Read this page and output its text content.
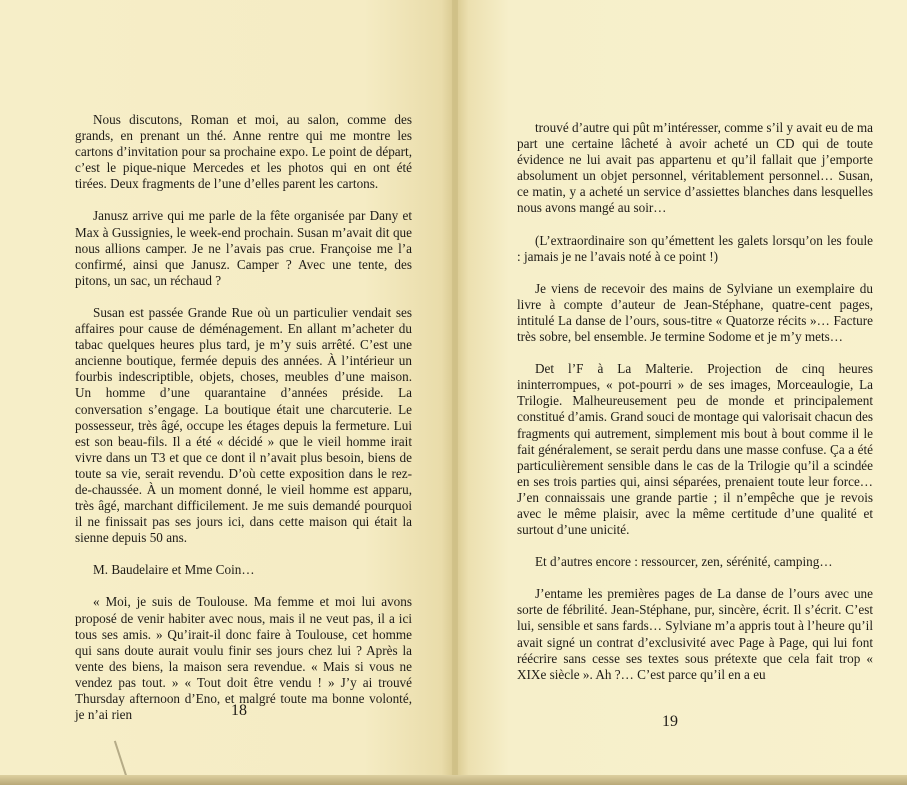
Nous discutons, Roman et moi, au salon, comme des grands, en prenant un thé. Anne rentre qui me montre les cartons d’invitation pour sa prochaine expo. Le point de départ, c’est le pique-nique Mercedes et les photos qui en ont été tirées. Deux fragments de l’une d’elles parent les cartons.

Janusz arrive qui me parle de la fête organisée par Dany et Max à Gussignies, le week-end prochain. Susan m’avait dit que nous allions camper. Je ne l’avais pas crue. Françoise me l’a confirmé, ainsi que Janusz. Camper ? Avec une tente, des pitons, un sac, un réchaud ?

Susan est passée Grande Rue où un particulier vendait ses affaires pour cause de déménagement. En allant m’acheter du tabac quelques heures plus tard, je m’y suis arrêté. C’est une ancienne boutique, fermée depuis des années. À l’intérieur un fourbis indescriptible, objets, choses, meubles d’une maison. Un homme d’une quarantaine d’années préside. La conversation s’engage. La boutique était une charcuterie. Le possesseur, très âgé, occupe les étages depuis la fermeture. Lui est son beau-fils. Il a été « décidé » que le vieil homme irait vivre dans un T3 et que ce dont il n’avait plus besoin, biens de toute sa vie, serait revendu. D’où cette exposition dans le rez-de-chaussée. À un moment donné, le vieil homme est apparu, très âgé, marchant difficilement. Je me suis demandé pourquoi il ne finissait pas ses jours ici, dans cette maison qui était la sienne depuis 50 ans.

M. Baudelaire et Mme Coin…

« Moi, je suis de Toulouse. Ma femme et moi lui avons proposé de venir habiter avec nous, mais il ne veut pas, il a ici tous ses amis. » Qu’irait-il donc faire à Toulouse, cet homme qui sans doute aurait voulu finir ses jours chez lui ? Après la vente des biens, la maison sera revendue. « Mais si vous ne vendez pas tout. » « Tout doit être vendu ! » J’y ai trouvé Thursday afternoon d’Eno, et malgré toute ma bonne volonté, je n’ai rien	18

trouvé d’autre qui pût m’intéresser, comme s’il y avait eu de ma part une certaine lâcheté à avoir acheté un CD qui de toute évidence ne lui avait pas appartenu et qu’il fallait que j’emporte absolument un objet personnel, véritablement personnel… Susan, ce matin, y a acheté un service d’assiettes blanches dans lesquelles nous avons mangé au soir…

(L’extraordinaire son qu’émettent les galets lorsqu’on les foule : jamais je ne l’avais noté à ce point !)

Je viens de recevoir des mains de Sylviane un exemplaire du livre à compte d’auteur de Jean-Stéphane, quatre-cent pages, intitulé La danse de l’ours, sous-titre « Quatorze récits »… Facture très sobre, bel ensemble. Je termine Sodome et je m’y mets…

Det l’F à La Malterie. Projection de cinq heures ininterrompues, « pot-pourri » de ses images, Morceaulogie, La Trilogie. Malheureusement peu de monde et principalement constitué d’amis. Grand souci de montage qui valorisait chacun des fragments qui autrement, simplement mis bout à bout comme il le fait généralement, se serait perdu dans une masse confuse. Ça a été particulièrement sensible dans le cas de la Trilogie qu’il a scindée en ses trois parties qui, ainsi séparées, prenaient toute leur force… J’en connaissais une grande partie ; il n’empêche que je revois avec le même plaisir, avec la même certitude d’une qualité et surtout d’une unicité.

Et d’autres encore : ressourcer, zen, sérénité, camping…

J’entame les premières pages de La danse de l’ours avec une sorte de fébrilité. Jean-Stéphane, pur, sincère, écrit. Il s’écrit. C’est lui, sensible et sans fards… Sylviane m’a appris tout à l’heure qu’il avait signé un contrat d’exclusivité avec Page à Page, qui lui font réécrire sans cesse ses textes sous prétexte que cela fait trop « XIXe siècle ». Ah ?… C’est parce qu’il en a eu

19
